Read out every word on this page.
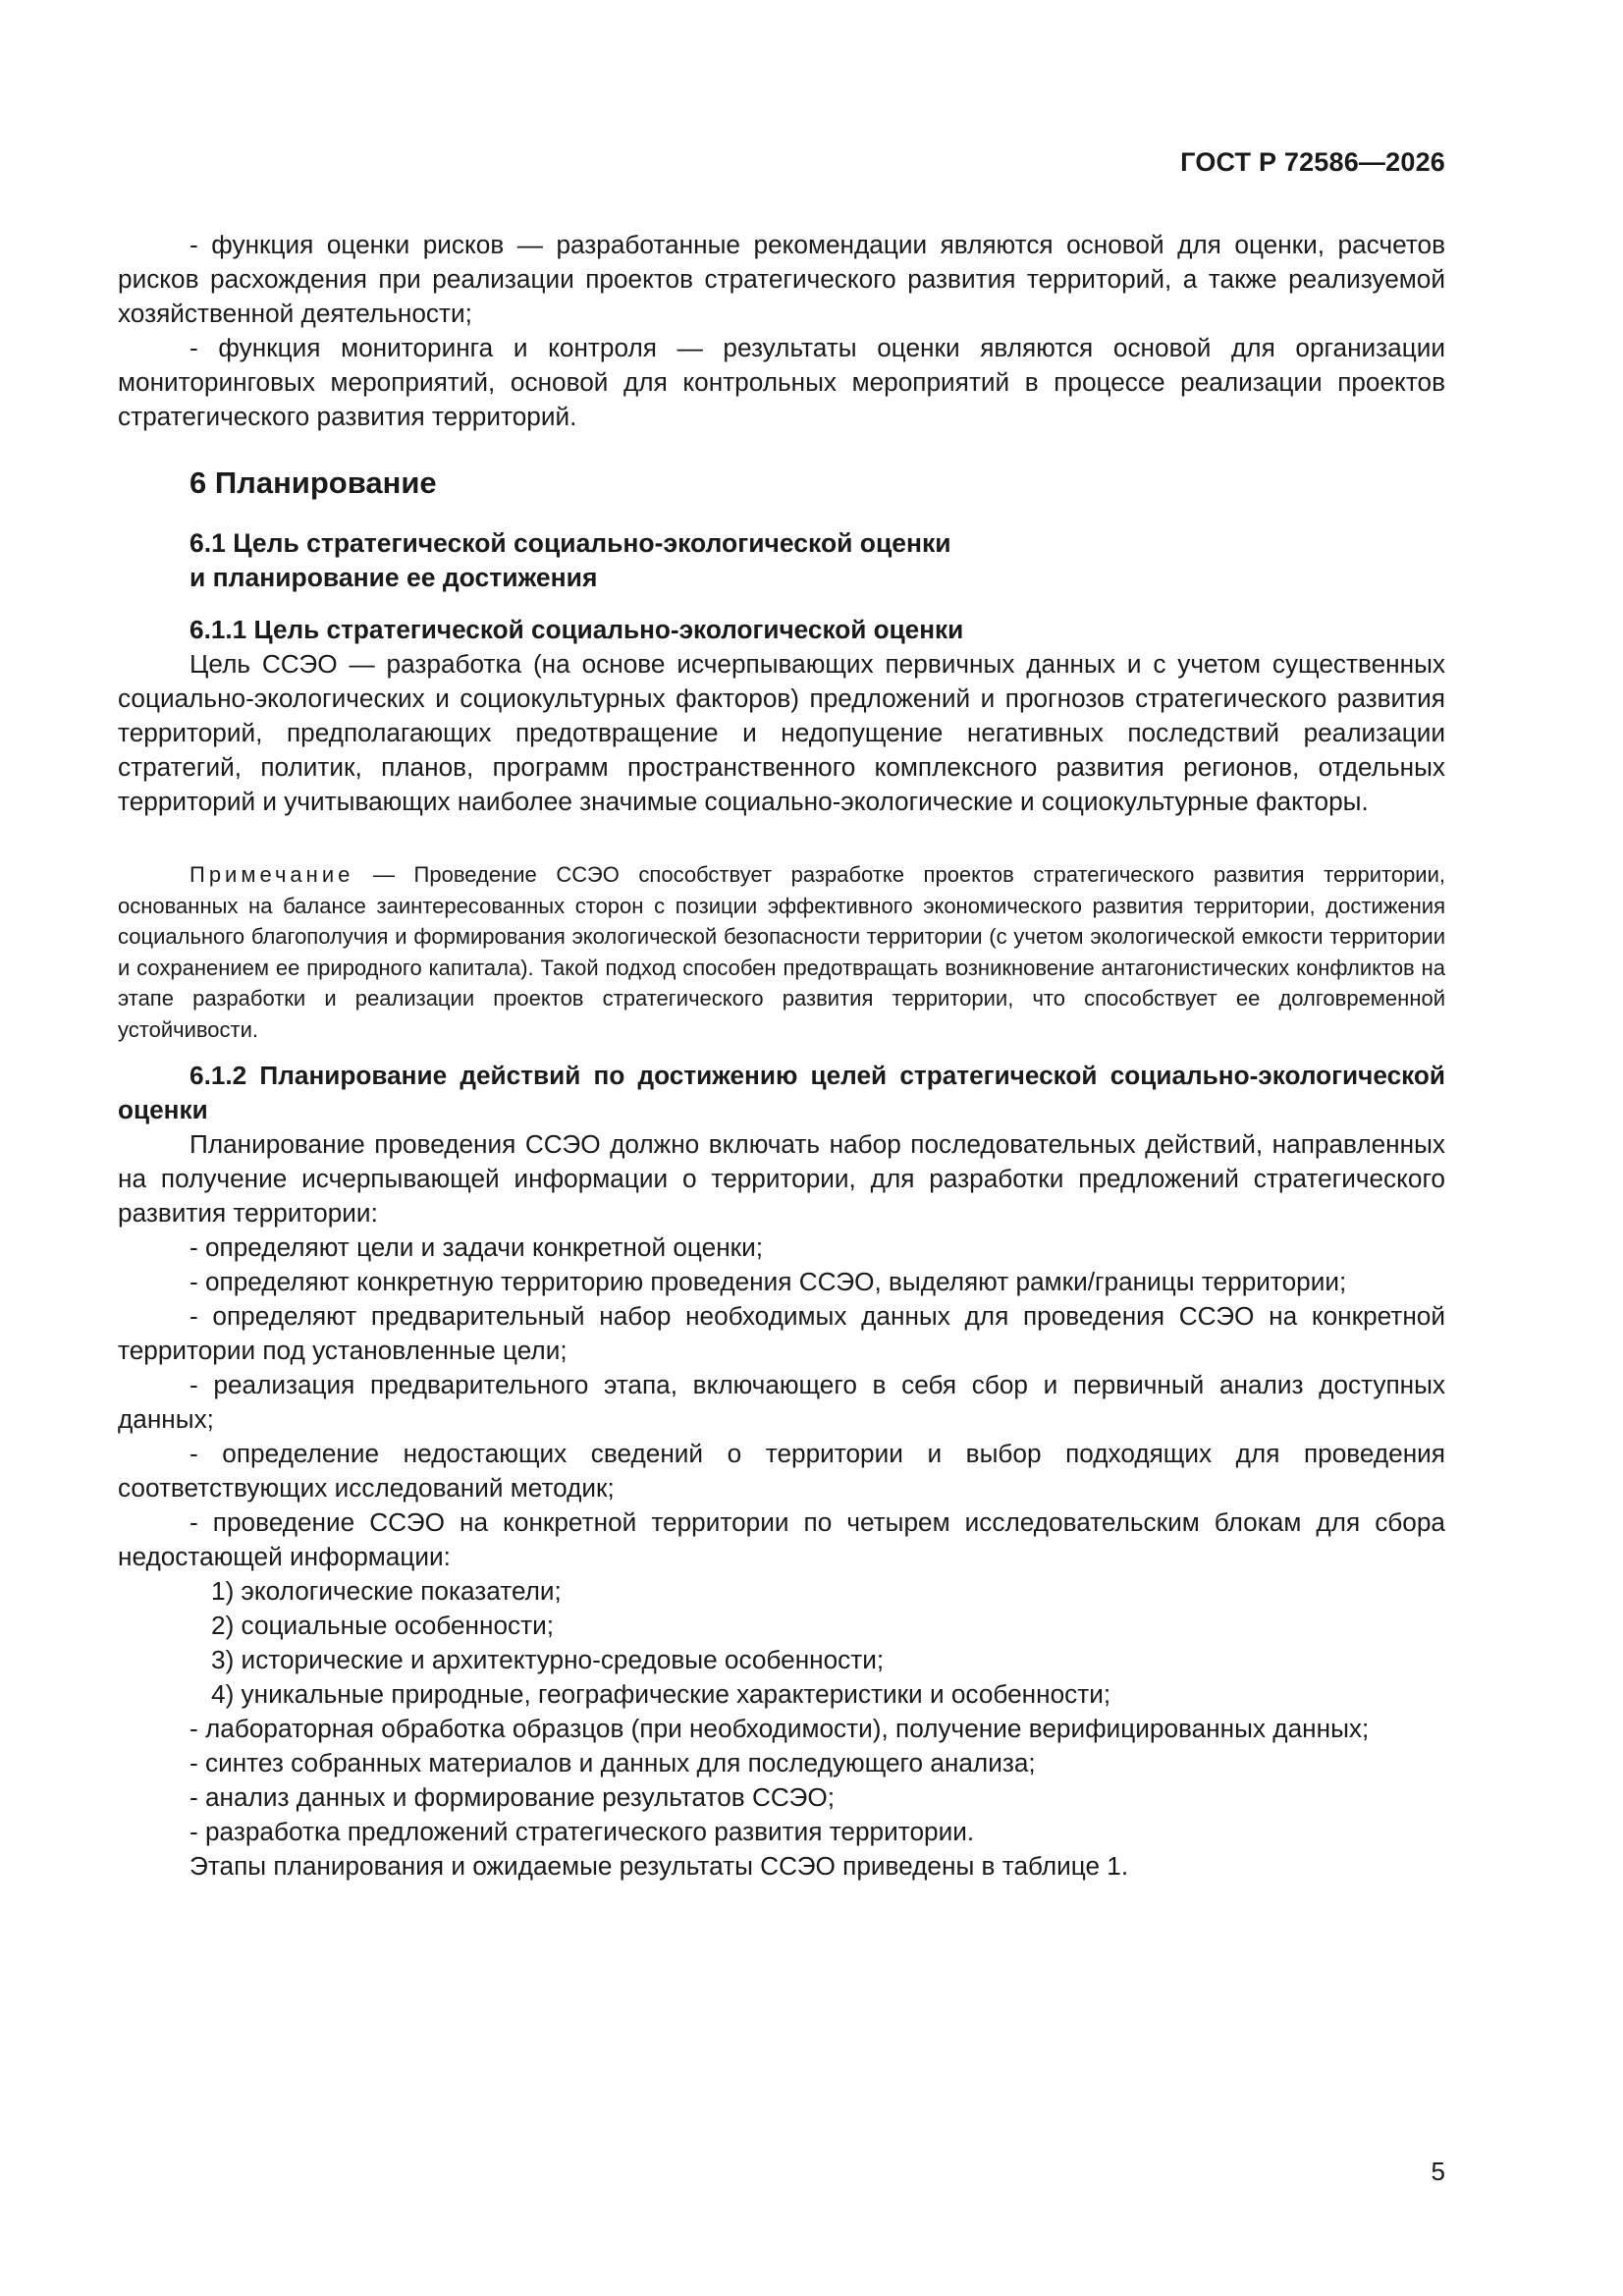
ГОСТ Р 72586—2026

- функция оценки рисков — разработанные рекомендации являются основой для оценки, расчетов рисков расхождения при реализации проектов стратегического развития территорий, а также реализуемой хозяйственной деятельности;

- функция мониторинга и контроля — результаты оценки являются основой для организации мониторинговых мероприятий, основой для контрольных мероприятий в процессе реализации проектов стратегического развития территорий.

6 Планирование
6.1 Цель стратегической социально-экологической оценки
и планирование ее достижения

6.1.1 Цель стратегической социально-экологической оценки

Цель ССЭО — разработка (на основе исчерпывающих первичных данных и с учетом существенных социально-экологических и социокультурных факторов) предложений и прогнозов стратегического развития территорий, предполагающих предотвращение и недопущение негативных последствий реализации стратегий, политик, планов, программ пространственного комплексного развития регионов, отдельных территорий и учитывающих наиболее значимые социально-экологические и социокультурные факторы.

Примечание — Проведение ССЭО способствует разработке проектов стратегического развития территории, основанных на балансе заинтересованных сторон с позиции эффективного экономического развития территории, достижения социального благополучия и формирования экологической безопасности территории (с учетом экологической емкости территории и сохранением ее природного капитала). Такой подход способен предотвращать возникновение антагонистических конфликтов на этапе разработки и реализации проектов стратегического развития территории, что способствует ее долговременной устойчивости.

6.1.2 Планирование действий по достижению целей стратегической социально-экологической оценки

Планирование проведения ССЭО должно включать набор последовательных действий, направленных на получение исчерпывающей информации о территории, для разработки предложений стратегического развития территории:

- определяют цели и задачи конкретной оценки;

- определяют конкретную территорию проведения ССЭО, выделяют рамки/границы территории;

- определяют предварительный набор необходимых данных для проведения ССЭО на конкретной территории под установленные цели;

- реализация предварительного этапа, включающего в себя сбор и первичный анализ доступных данных;

- определение недостающих сведений о территории и выбор подходящих для проведения соответствующих исследований методик;

- проведение ССЭО на конкретной территории по четырем исследовательским блокам для сбора недостающей информации:

1) экологические показатели;

2) социальные особенности;

3) исторические и архитектурно-средовые особенности;

4) уникальные природные, географические характеристики и особенности;

- лабораторная обработка образцов (при необходимости), получение верифицированных данных;

- синтез собранных материалов и данных для последующего анализа;

- анализ данных и формирование результатов ССЭО;

- разработка предложений стратегического развития территории.

Этапы планирования и ожидаемые результаты ССЭО приведены в таблице 1.

5
